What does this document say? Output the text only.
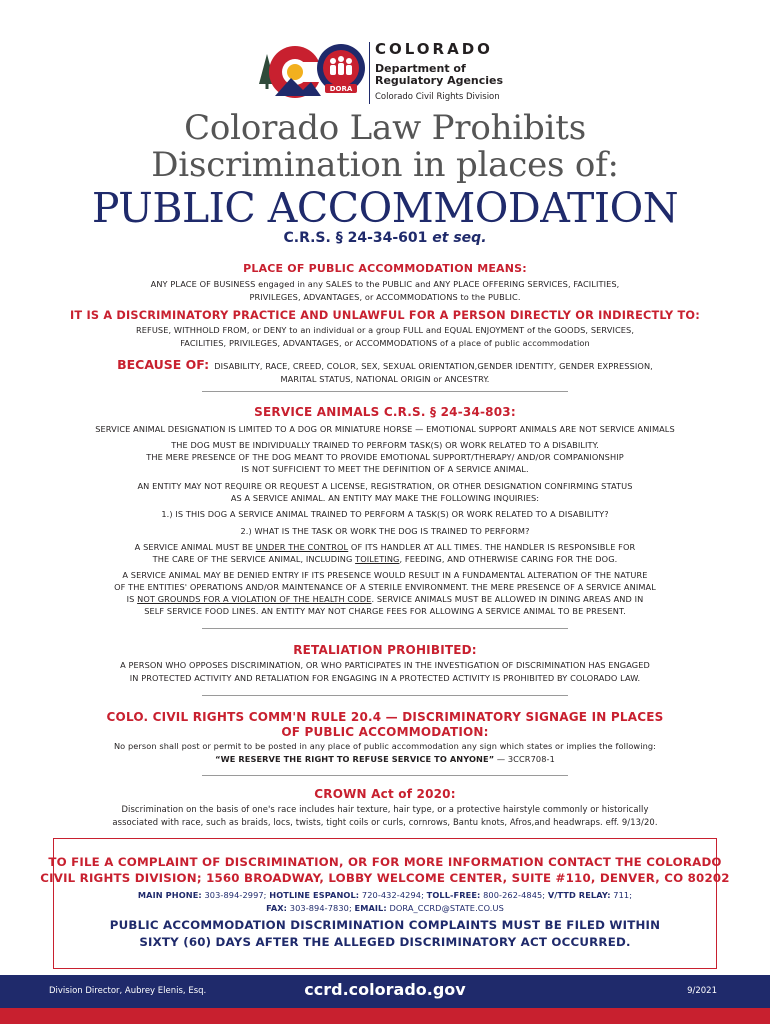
DORA
COLORADO
Department of
Regulatory Agencies
Colorado Civil Rights Division
Colorado Law Prohibits
Discrimination in places of:
PUBLIC ACCOMMODATION
C.R.S. § 24-34-601 et seq.
PLACE OF PUBLIC ACCOMMODATION MEANS:
ANY PLACE OF BUSINESS engaged in any SALES to the PUBLIC and ANY PLACE OFFERING SERVICES, FACILITIES,
PRIVILEGES, ADVANTAGES, or ACCOMMODATIONS to the PUBLIC.
IT IS A DISCRIMINATORY PRACTICE AND UNLAWFUL FOR A PERSON DIRECTLY OR INDIRECTLY TO:
REFUSE, WITHHOLD FROM, or DENY to an individual or a group FULL and EQUAL ENJOYMENT of the GOODS, SERVICES,
FACILITIES, PRIVILEGES, ADVANTAGES, or ACCOMMODATIONS of a place of public accommodation
BECAUSE OF: DISABILITY, RACE, CREED, COLOR, SEX, SEXUAL ORIENTATION,GENDER IDENTITY, GENDER EXPRESSION,
MARITAL STATUS, NATIONAL ORIGIN or ANCESTRY.
SERVICE ANIMALS C.R.S. § 24-34-803:
SERVICE ANIMAL DESIGNATION IS LIMITED TO A DOG OR MINIATURE HORSE — EMOTIONAL SUPPORT ANIMALS ARE NOT SERVICE ANIMALS
THE DOG MUST BE INDIVIDUALLY TRAINED TO PERFORM TASK(S) OR WORK RELATED TO A DISABILITY.
THE MERE PRESENCE OF THE DOG MEANT TO PROVIDE EMOTIONAL SUPPORT/THERAPY/ AND/OR COMPANIONSHIP
IS NOT SUFFICIENT TO MEET THE DEFINITION OF A SERVICE ANIMAL.
AN ENTITY MAY NOT REQUIRE OR REQUEST A LICENSE, REGISTRATION, OR OTHER DESIGNATION CONFIRMING STATUS
AS A SERVICE ANIMAL. AN ENTITY MAY MAKE THE FOLLOWING INQUIRIES:
1.) IS THIS DOG A SERVICE ANIMAL TRAINED TO PERFORM A TASK(S) OR WORK RELATED TO A DISABILITY?
2.) WHAT IS THE TASK OR WORK THE DOG IS TRAINED TO PERFORM?
A SERVICE ANIMAL MUST BE UNDER THE CONTROL OF ITS HANDLER AT ALL TIMES. THE HANDLER IS RESPONSIBLE FOR
THE CARE OF THE SERVICE ANIMAL, INCLUDING TOILETING, FEEDING, AND OTHERWISE CARING FOR THE DOG.
A SERVICE ANIMAL MAY BE DENIED ENTRY IF ITS PRESENCE WOULD RESULT IN A FUNDAMENTAL ALTERATION OF THE NATURE
OF THE ENTITIES' OPERATIONS AND/OR MAINTENANCE OF A STERILE ENVIRONMENT. THE MERE PRESENCE OF A SERVICE ANIMAL
IS NOT GROUNDS FOR A VIOLATION OF THE HEALTH CODE. SERVICE ANIMALS MUST BE ALLOWED IN DINING AREAS AND IN
SELF SERVICE FOOD LINES. AN ENTITY MAY NOT CHARGE FEES FOR ALLOWING A SERVICE ANIMAL TO BE PRESENT.
RETALIATION PROHIBITED:
A PERSON WHO OPPOSES DISCRIMINATION, OR WHO PARTICIPATES IN THE INVESTIGATION OF DISCRIMINATION HAS ENGAGED
IN PROTECTED ACTIVITY AND RETALIATION FOR ENGAGING IN A PROTECTED ACTIVITY IS PROHIBITED BY COLORADO LAW.
COLO. CIVIL RIGHTS COMM'N RULE 20.4 — DISCRIMINATORY SIGNAGE IN PLACES
OF PUBLIC ACCOMMODATION:
No person shall post or permit to be posted in any place of public accommodation any sign which states or implies the following:
“WE RESERVE THE RIGHT TO REFUSE SERVICE TO ANYONE” — 3CCR708-1
CROWN Act of 2020:
Discrimination on the basis of one's race includes hair texture, hair type, or a protective hairstyle commonly or historically
associated with race, such as braids, locs, twists, tight coils or curls, cornrows, Bantu knots, Afros,and headwraps. eff. 9/13/20.
TO FILE A COMPLAINT OF DISCRIMINATION, OR FOR MORE INFORMATION CONTACT THE COLORADO
CIVIL RIGHTS DIVISION; 1560 BROADWAY, LOBBY WELCOME CENTER, SUITE #110, DENVER, CO 80202
MAIN PHONE: 303-894-2997; HOTLINE ESPANOL: 720-432-4294; TOLL-FREE: 800-262-4845; V/TTD RELAY: 711;
FAX: 303-894-7830; EMAIL: DORA_CCRD@STATE.CO.US
PUBLIC ACCOMMODATION DISCRIMINATION COMPLAINTS MUST BE FILED WITHIN
SIXTY (60) DAYS AFTER THE ALLEGED DISCRIMINATORY ACT OCCURRED.
Division Director, Aubrey Elenis, Esq.	ccrd.colorado.gov	9/2021
